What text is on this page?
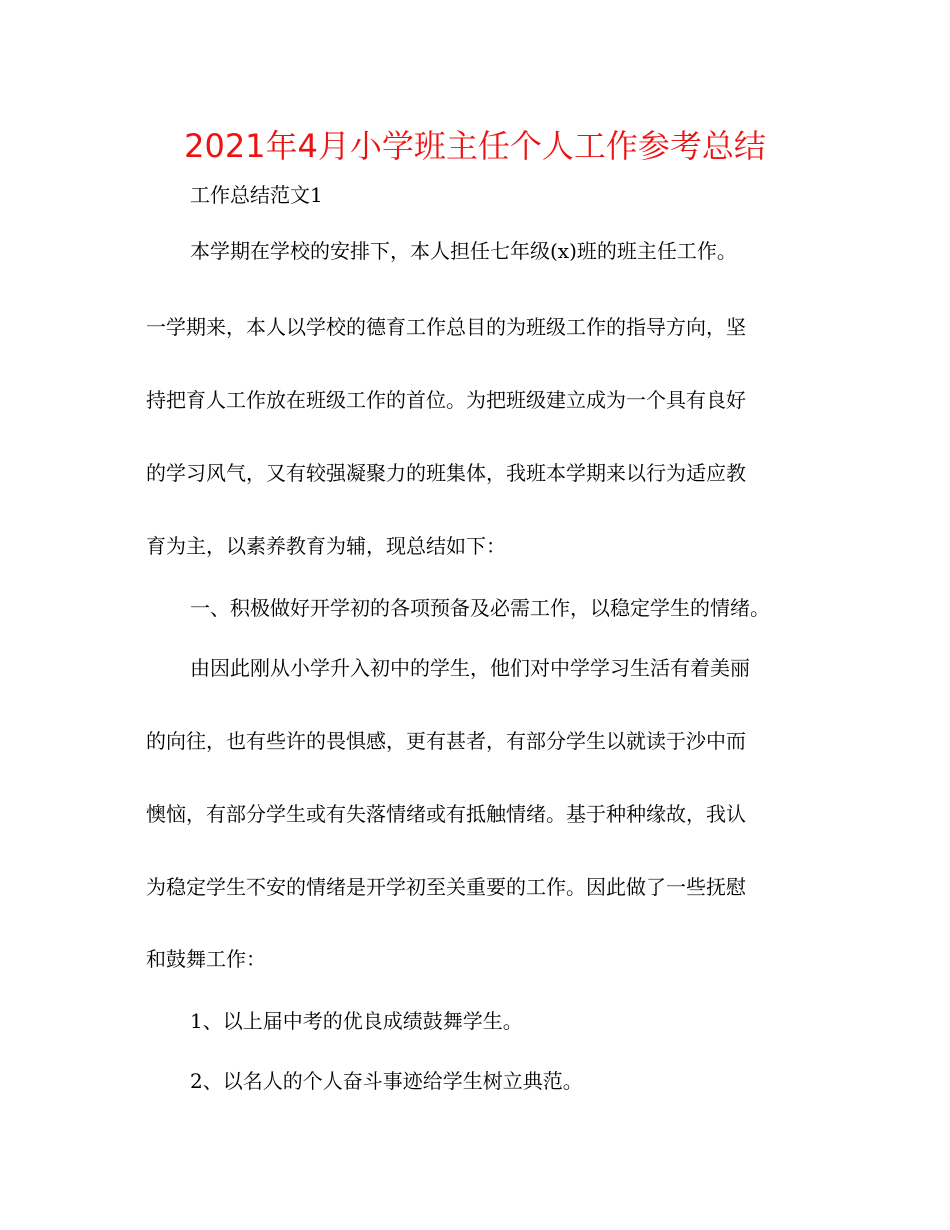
2021年4月小学班主任个人工作参考总结
工作总结范文1
本学期在学校的安排下，本人担任七年级(x)班的班主任工作。
一学期来，本人以学校的德育工作总目的为班级工作的指导方向，坚
持把育人工作放在班级工作的首位。为把班级建立成为一个具有良好
的学习风气，又有较强凝聚力的班集体，我班本学期来以行为适应教
育为主，以素养教育为辅，现总结如下：
一、积极做好开学初的各项预备及必需工作，以稳定学生的情绪。
由因此刚从小学升入初中的学生，他们对中学学习生活有着美丽
的向往，也有些许的畏惧感，更有甚者，有部分学生以就读于沙中而
懊恼，有部分学生或有失落情绪或有抵触情绪。基于种种缘故，我认
为稳定学生不安的情绪是开学初至关重要的工作。因此做了一些抚慰
和鼓舞工作：
1、以上届中考的优良成绩鼓舞学生。
2、以名人的个人奋斗事迹给学生树立典范。
